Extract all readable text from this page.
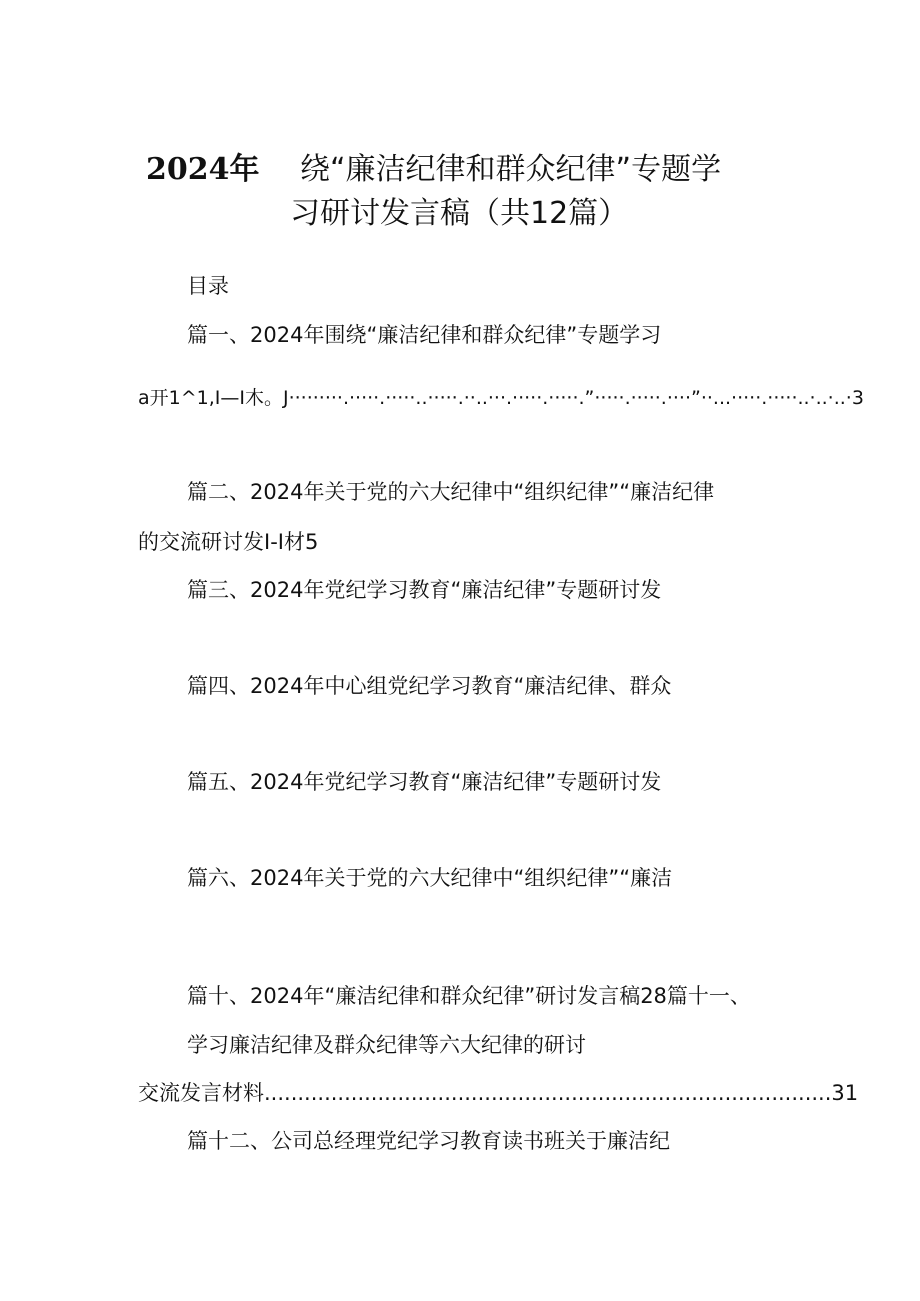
2024年 绕“廉洁纪律和群众纪律”专题学
习研讨发言稿（共12篇）
目录
篇一、2024年围绕“廉洁纪律和群众纪律”专题学习
a开1^1,I—I木。J·········.·····.·····..·····.··..···.·····.·····.”·····.·····.····”··...·····.·····..·..·..·3
篇二、2024年关于党的六大纪律中“组织纪律”“廉洁纪律
的交流研讨发I-I材5
篇三、2024年党纪学习教育“廉洁纪律”专题研讨发
篇四、2024年中心组党纪学习教育“廉洁纪律、群众
篇五、2024年党纪学习教育“廉洁纪律”专题研讨发
篇六、2024年关于党的六大纪律中“组织纪律”“廉洁
篇十、2024年“廉洁纪律和群众纪律”研讨发言稿28篇十一、
学习廉洁纪律及群众纪律等六大纪律的研讨
交流发言材料.....................................................................................31
篇十二、公司总经理党纪学习教育读书班关于廉洁纪
